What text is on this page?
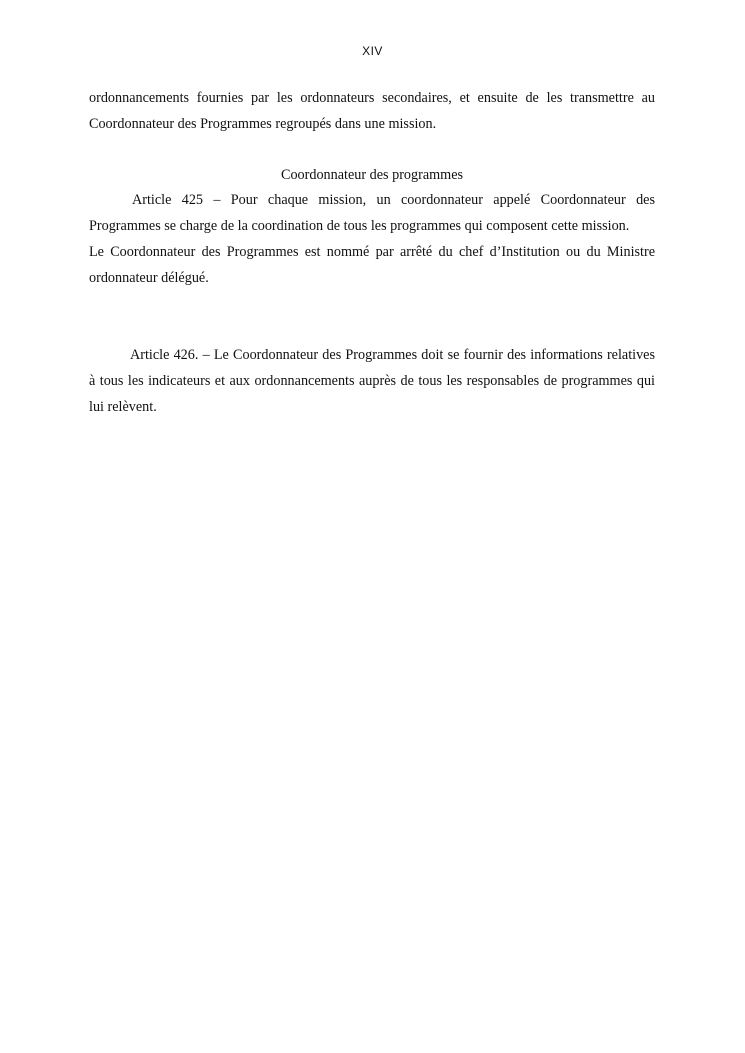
XIV

ordonnancements fournies par les ordonnateurs secondaires, et ensuite de les transmettre au Coordonnateur des Programmes regroupés dans une mission.

Coordonnateur des programmes

Article 425 – Pour chaque mission, un coordonnateur appelé Coordonnateur des Programmes se charge de la coordination de tous les programmes qui composent cette mission.

Le Coordonnateur des Programmes est nommé par arrêté du chef d’Institution ou du Ministre ordonnateur délégué.

Article 426. – Le Coordonnateur des Programmes doit se fournir des informations relatives à tous les indicateurs et aux ordonnancements auprès de tous les responsables de programmes qui lui relèvent.
